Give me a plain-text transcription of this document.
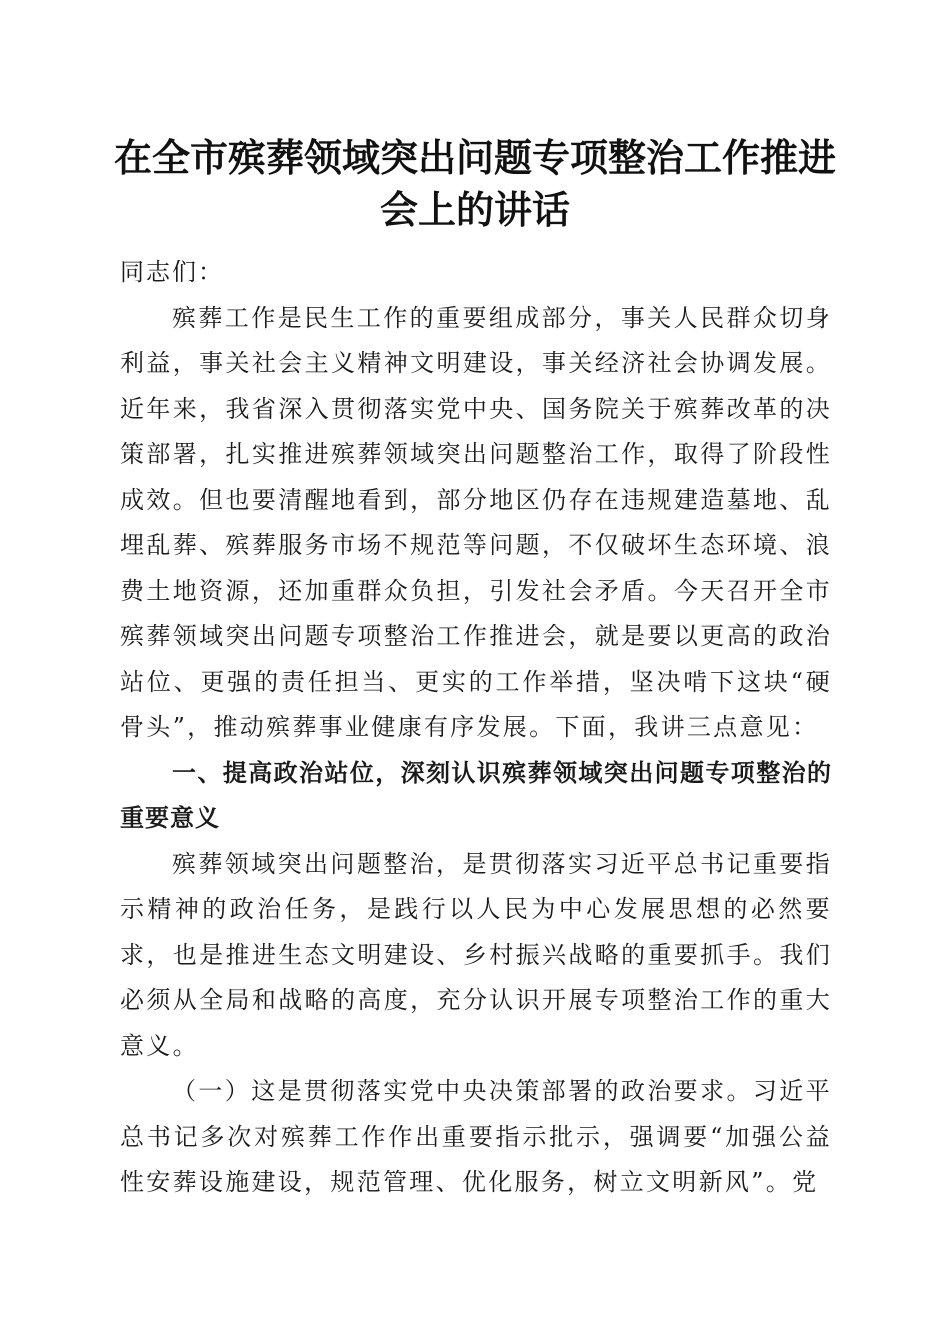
在全市殡葬领域突出问题专项整治工作推进会上的讲话

同志们：

殡葬工作是民生工作的重要组成部分，事关人民群众切身利益，事关社会主义精神文明建设，事关经济社会协调发展。近年来，我省深入贯彻落实党中央、国务院关于殡葬改革的决策部署，扎实推进殡葬领域突出问题整治工作，取得了阶段性成效。但也要清醒地看到，部分地区仍存在违规建造墓地、乱埋乱葬、殡葬服务市场不规范等问题，不仅破坏生态环境、浪费土地资源，还加重群众负担，引发社会矛盾。今天召开全市殡葬领域突出问题专项整治工作推进会，就是要以更高的政治站位、更强的责任担当、更实的工作举措，坚决啃下这块“硬骨头”，推动殡葬事业健康有序发展。下面，我讲三点意见：

一、提高政治站位，深刻认识殡葬领域突出问题专项整治的重要意义

殡葬领域突出问题整治，是贯彻落实习近平总书记重要指示精神的政治任务，是践行以人民为中心发展思想的必然要求，也是推进生态文明建设、乡村振兴战略的重要抓手。我们必须从全局和战略的高度，充分认识开展专项整治工作的重大意义。

（一）这是贯彻落实党中央决策部署的政治要求。习近平总书记多次对殡葬工作作出重要指示批示，强调要“加强公益性安葬设施建设，规范管理、优化服务，树立文明新风”。党
